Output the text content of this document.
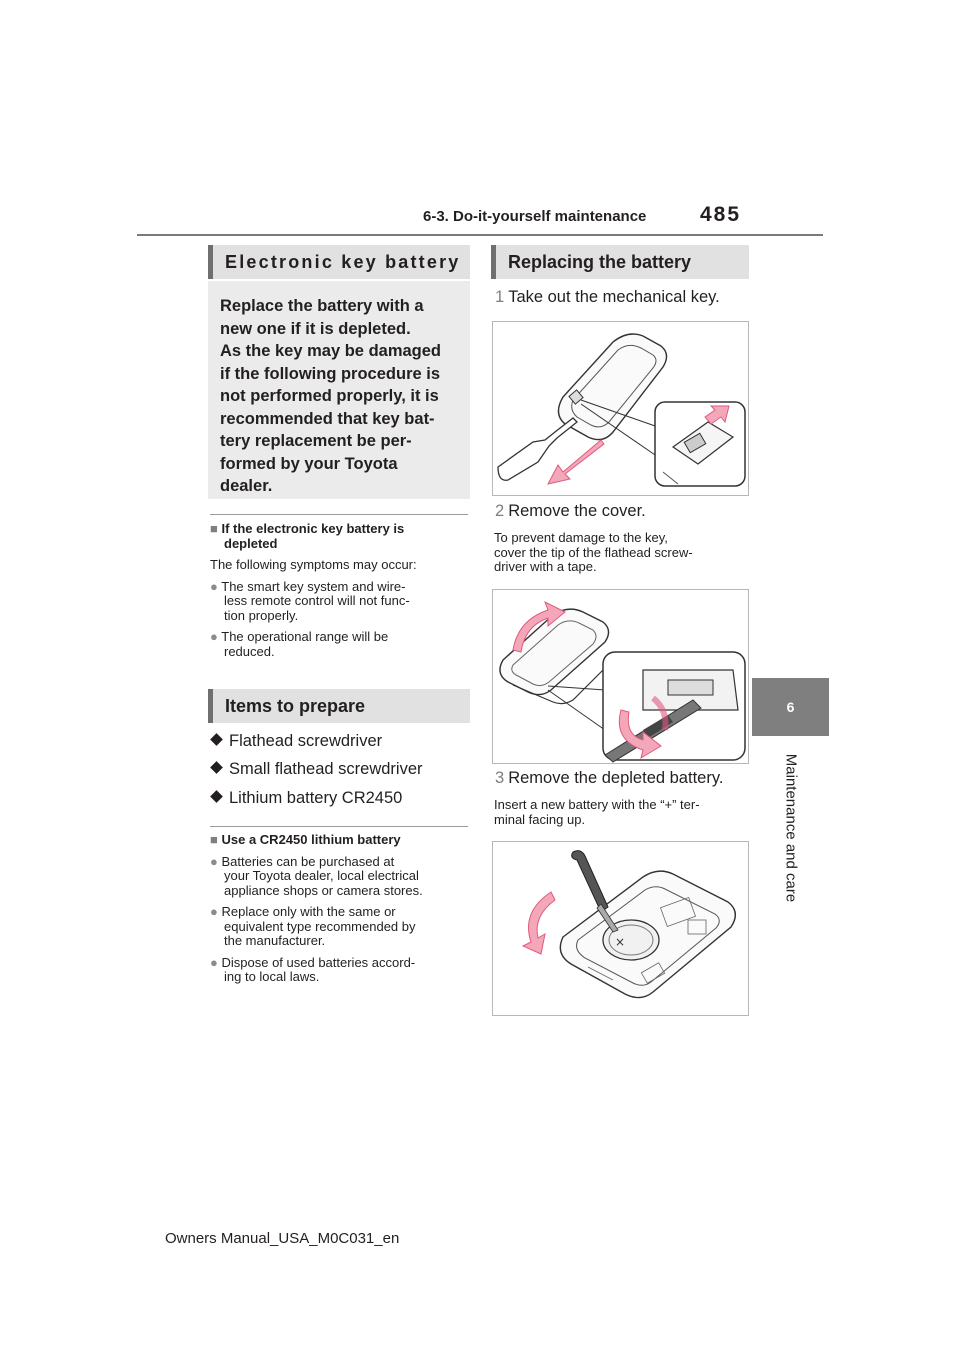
6-3. Do-it-yourself maintenance	485
6
Maintenance and care
Electronic key battery
Replace the battery with a
new one if it is depleted.
As the key may be damaged
if the following procedure is
not performed properly, it is
recommended that key bat-
tery replacement be per-
formed by your Toyota
dealer.
■ If the electronic key battery is
depleted
The following symptoms may occur:
● The smart key system and wire-
less remote control will not func-
tion properly.
● The operational range will be
reduced.
Items to prepare
Flathead screwdriver
Small flathead screwdriver
Lithium battery CR2450
■ Use a CR2450 lithium battery
● Batteries can be purchased at
your Toyota dealer, local electrical
appliance shops or camera stores.
● Replace only with the same or
equivalent type recommended by
the manufacturer.
● Dispose of used batteries accord-
ing to local laws.
Replacing the battery
1 Take out the mechanical key.
2 Remove the cover.
To prevent damage to the key,
cover the tip of the flathead screw-
driver with a tape.
3 Remove the depleted battery.
Insert a new battery with the “+” ter-
minal facing up.
×
Owners Manual_USA_M0C031_en
